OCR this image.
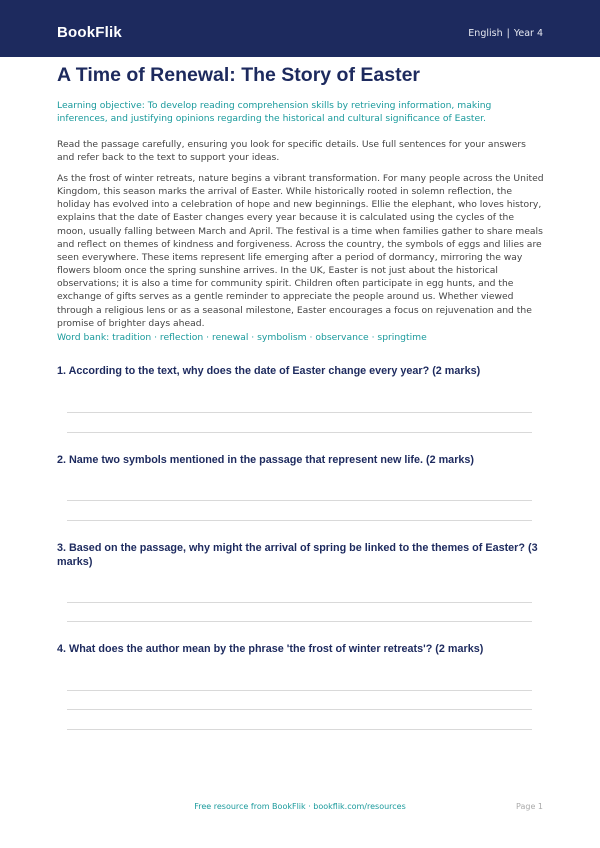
BookFlik	English | Year 4
A Time of Renewal: The Story of Easter
Learning objective: To develop reading comprehension skills by retrieving information, making inferences, and justifying opinions regarding the historical and cultural significance of Easter.
Read the passage carefully, ensuring you look for specific details. Use full sentences for your answers and refer back to the text to support your ideas.
As the frost of winter retreats, nature begins a vibrant transformation. For many people across the United Kingdom, this season marks the arrival of Easter. While historically rooted in solemn reflection, the holiday has evolved into a celebration of hope and new beginnings. Ellie the elephant, who loves history, explains that the date of Easter changes every year because it is calculated using the cycles of the moon, usually falling between March and April. The festival is a time when families gather to share meals and reflect on themes of kindness and forgiveness. Across the country, the symbols of eggs and lilies are seen everywhere. These items represent life emerging after a period of dormancy, mirroring the way flowers bloom once the spring sunshine arrives. In the UK, Easter is not just about the historical observations; it is also a time for community spirit. Children often participate in egg hunts, and the exchange of gifts serves as a gentle reminder to appreciate the people around us. Whether viewed through a religious lens or as a seasonal milestone, Easter encourages a focus on rejuvenation and the promise of brighter days ahead.
Word bank: tradition · reflection · renewal · symbolism · observance · springtime
1. According to the text, why does the date of Easter change every year? (2 marks)
2. Name two symbols mentioned in the passage that represent new life. (2 marks)
3. Based on the passage, why might the arrival of spring be linked to the themes of Easter? (3 marks)
4. What does the author mean by the phrase 'the frost of winter retreats'? (2 marks)
Free resource from BookFlik · bookflik.com/resources	Page 1
